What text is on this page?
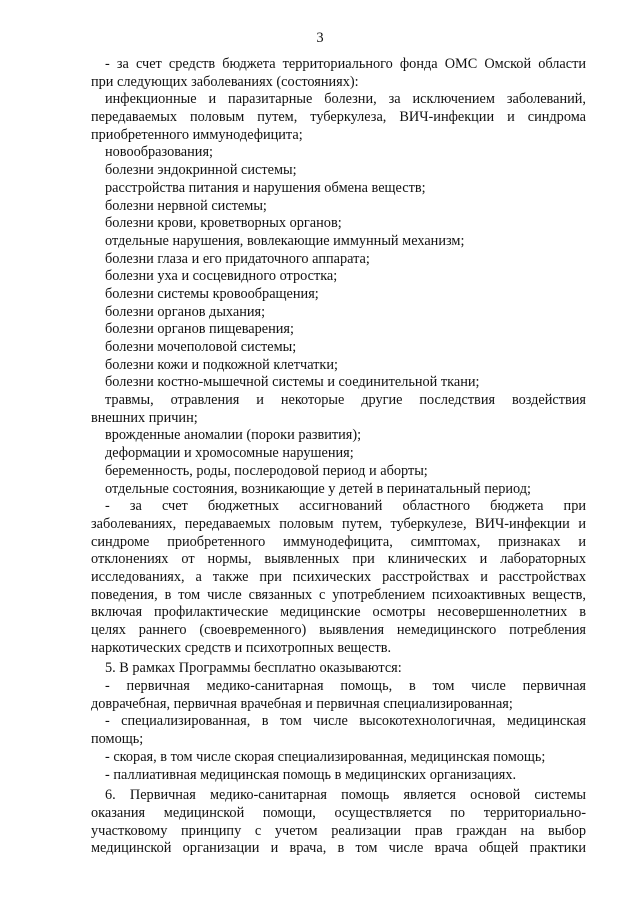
3
- за счет средств бюджета территориального фонда ОМС Омской области
при следующих заболеваниях (состояниях):
инфекционные и паразитарные болезни, за исключением заболеваний,
передаваемых половым путем, туберкулеза, ВИЧ-инфекции и синдрома
приобретенного иммунодефицита;
новообразования;
болезни эндокринной системы;
расстройства питания и нарушения обмена веществ;
болезни нервной системы;
болезни крови, кроветворных органов;
отдельные нарушения, вовлекающие иммунный механизм;
болезни глаза и его придаточного аппарата;
болезни уха и сосцевидного отростка;
болезни системы кровообращения;
болезни органов дыхания;
болезни органов пищеварения;
болезни мочеполовой системы;
болезни кожи и подкожной клетчатки;
болезни костно-мышечной системы и соединительной ткани;
травмы, отравления и некоторые другие последствия воздействия
внешних причин;
врожденные аномалии (пороки развития);
деформации и хромосомные нарушения;
беременность, роды, послеродовой период и аборты;
отдельные состояния, возникающие у детей в перинатальный период;
- за счет бюджетных ассигнований областного бюджета при
заболеваниях, передаваемых половым путем, туберкулезе, ВИЧ-инфекции и
синдроме приобретенного иммунодефицита, симптомах, признаках и
отклонениях от нормы, выявленных при клинических и лабораторных
исследованиях, а также при психических расстройствах и расстройствах
поведения, в том числе связанных с употреблением психоактивных веществ,
включая профилактические медицинские осмотры несовершеннолетних в
целях раннего (своевременного) выявления немедицинского потребления
наркотических средств и психотропных веществ.
5. В рамках Программы бесплатно оказываются:
- первичная медико-санитарная помощь, в том числе первичная
доврачебная, первичная врачебная и первичная специализированная;
- специализированная, в том числе высокотехнологичная, медицинская
помощь;
- скорая, в том числе скорая специализированная, медицинская помощь;
- паллиативная медицинская помощь в медицинских организациях.
6. Первичная медико-санитарная помощь является основой системы
оказания медицинской помощи, осуществляется по территориально-
участковому принципу с учетом реализации прав граждан на выбор
медицинской организации и врача, в том числе врача общей практики
